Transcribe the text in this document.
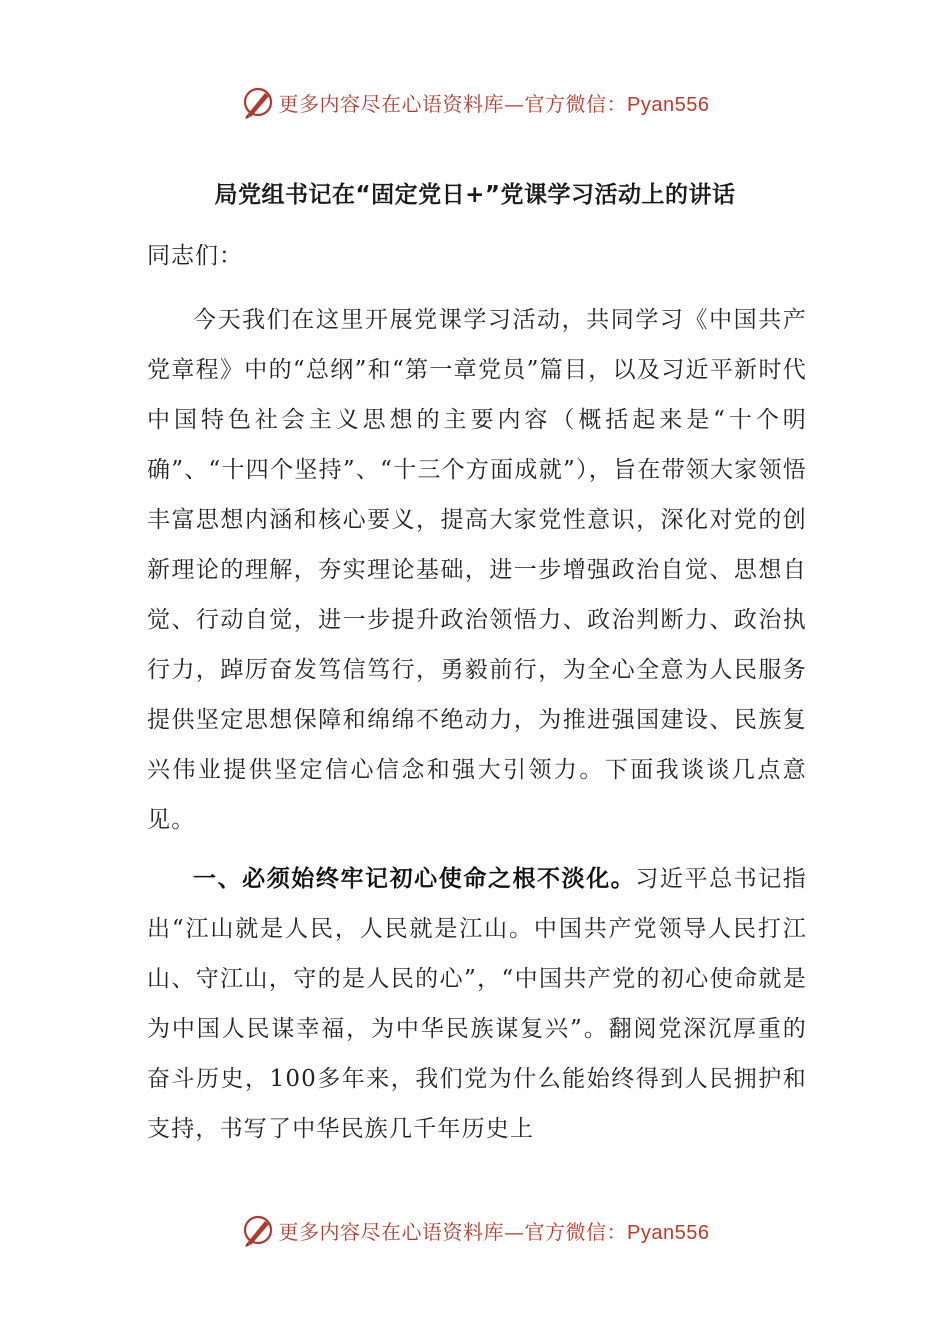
更多内容尽在心语资料库—官方微信：Pyan556
局党组书记在“固定党日+”党课学习活动上的讲话
同志们：
今天我们在这里开展党课学习活动，共同学习《中国共产党章程》中的“总纲”和“第一章党员”篇目，以及习近平新时代中国特色社会主义思想的主要内容（概括起来是“十个明确”、“十四个坚持”、“十三个方面成就”），旨在带领大家领悟丰富思想内涵和核心要义，提高大家党性意识，深化对党的创新理论的理解，夯实理论基础，进一步增强政治自觉、思想自觉、行动自觉，进一步提升政治领悟力、政治判断力、政治执行力，踔厉奋发笃信笃行，勇毅前行，为全心全意为人民服务提供坚定思想保障和绵绵不绝动力，为推进强国建设、民族复兴伟业提供坚定信心信念和强大引领力。下面我谈谈几点意见。
一、必须始终牢记初心使命之根不淡化。习近平总书记指出“江山就是人民，人民就是江山。中国共产党领导人民打江山、守江山，守的是人民的心”，“中国共产党的初心使命就是为中国人民谋幸福，为中华民族谋复兴”。翻阅党深沉厚重的奋斗历史，100多年来，我们党为什么能始终得到人民拥护和支持，书写了中华民族几千年历史上
更多内容尽在心语资料库—官方微信：Pyan556
